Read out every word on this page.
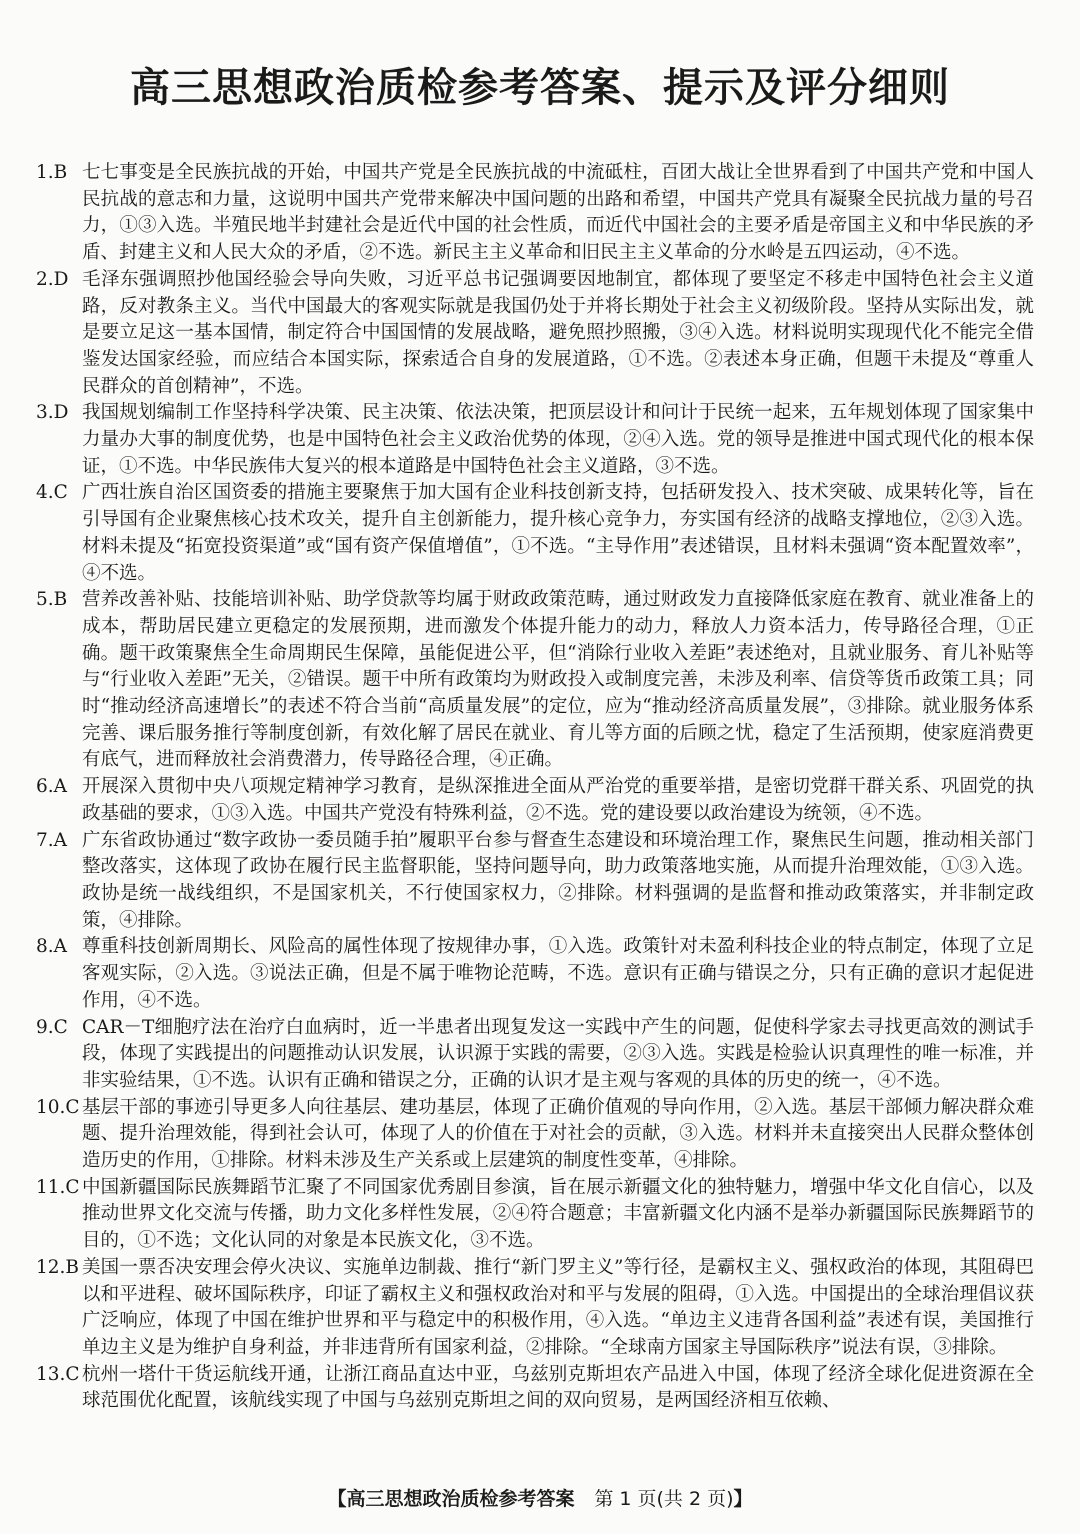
高三思想政治质检参考答案、提示及评分细则

1.B 七七事变是全民族抗战的开始，中国共产党是全民族抗战的中流砥柱，百团大战让全世界看到了中国共产党和中国人民抗战的意志和力量，这说明中国共产党带来解决中国问题的出路和希望，中国共产党具有凝聚全民抗战力量的号召力，①③入选。半殖民地半封建社会是近代中国的社会性质，而近代中国社会的主要矛盾是帝国主义和中华民族的矛盾、封建主义和人民大众的矛盾，②不选。新民主主义革命和旧民主主义革命的分水岭是五四运动，④不选。

2.D 毛泽东强调照抄他国经验会导向失败，习近平总书记强调要因地制宜，都体现了要坚定不移走中国特色社会主义道路，反对教条主义。当代中国最大的客观实际就是我国仍处于并将长期处于社会主义初级阶段。坚持从实际出发，就是要立足这一基本国情，制定符合中国国情的发展战略，避免照抄照搬，③④入选。材料说明实现现代化不能完全借鉴发达国家经验，而应结合本国实际，探索适合自身的发展道路，①不选。②表述本身正确，但题干未提及“尊重人民群众的首创精神”，不选。

3.D 我国规划编制工作坚持科学决策、民主决策、依法决策，把顶层设计和问计于民统一起来，五年规划体现了国家集中力量办大事的制度优势，也是中国特色社会主义政治优势的体现，②④入选。党的领导是推进中国式现代化的根本保证，①不选。中华民族伟大复兴的根本道路是中国特色社会主义道路，③不选。

4.C 广西壮族自治区国资委的措施主要聚焦于加大国有企业科技创新支持，包括研发投入、技术突破、成果转化等，旨在引导国有企业聚焦核心技术攻关，提升自主创新能力，提升核心竞争力，夯实国有经济的战略支撑地位，②③入选。材料未提及“拓宽投资渠道”或“国有资产保值增值”，①不选。“主导作用”表述错误，且材料未强调“资本配置效率”，④不选。

5.B 营养改善补贴、技能培训补贴、助学贷款等均属于财政政策范畴，通过财政发力直接降低家庭在教育、就业准备上的成本，帮助居民建立更稳定的发展预期，进而激发个体提升能力的动力，释放人力资本活力，传导路径合理，①正确。题干政策聚焦全生命周期民生保障，虽能促进公平，但“消除行业收入差距”表述绝对，且就业服务、育儿补贴等与“行业收入差距”无关，②错误。题干中所有政策均为财政投入或制度完善，未涉及利率、信贷等货币政策工具；同时“推动经济高速增长”的表述不符合当前“高质量发展”的定位，应为“推动经济高质量发展”，③排除。就业服务体系完善、课后服务推行等制度创新，有效化解了居民在就业、育儿等方面的后顾之忧，稳定了生活预期，使家庭消费更有底气，进而释放社会消费潜力，传导路径合理，④正确。

6.A 开展深入贯彻中央八项规定精神学习教育，是纵深推进全面从严治党的重要举措，是密切党群干群关系、巩固党的执政基础的要求，①③入选。中国共产党没有特殊利益，②不选。党的建设要以政治建设为统领，④不选。

7.A 广东省政协通过“数字政协一委员随手拍”履职平台参与督查生态建设和环境治理工作，聚焦民生问题，推动相关部门整改落实，这体现了政协在履行民主监督职能，坚持问题导向，助力政策落地实施，从而提升治理效能，①③入选。政协是统一战线组织，不是国家机关，不行使国家权力，②排除。材料强调的是监督和推动政策落实，并非制定政策，④排除。

8.A 尊重科技创新周期长、风险高的属性体现了按规律办事，①入选。政策针对未盈利科技企业的特点制定，体现了立足客观实际，②入选。③说法正确，但是不属于唯物论范畴，不选。意识有正确与错误之分，只有正确的意识才起促进作用，④不选。

9.C CAR－T细胞疗法在治疗白血病时，近一半患者出现复发这一实践中产生的问题，促使科学家去寻找更高效的测试手段，体现了实践提出的问题推动认识发展，认识源于实践的需要，②③入选。实践是检验认识真理性的唯一标准，并非实验结果，①不选。认识有正确和错误之分，正确的认识才是主观与客观的具体的历史的统一，④不选。

10.C 基层干部的事迹引导更多人向往基层、建功基层，体现了正确价值观的导向作用，②入选。基层干部倾力解决群众难题、提升治理效能，得到社会认可，体现了人的价值在于对社会的贡献，③入选。材料并未直接突出人民群众整体创造历史的作用，①排除。材料未涉及生产关系或上层建筑的制度性变革，④排除。

11.C 中国新疆国际民族舞蹈节汇聚了不同国家优秀剧目参演，旨在展示新疆文化的独特魅力，增强中华文化自信心，以及推动世界文化交流与传播，助力文化多样性发展，②④符合题意；丰富新疆文化内涵不是举办新疆国际民族舞蹈节的目的，①不选；文化认同的对象是本民族文化，③不选。

12.B 美国一票否决安理会停火决议、实施单边制裁、推行“新门罗主义”等行径，是霸权主义、强权政治的体现，其阻碍巴以和平进程、破坏国际秩序，印证了霸权主义和强权政治对和平与发展的阻碍，①入选。中国提出的全球治理倡议获广泛响应，体现了中国在维护世界和平与稳定中的积极作用，④入选。“单边主义违背各国利益”表述有误，美国推行单边主义是为维护自身利益，并非违背所有国家利益，②排除。“全球南方国家主导国际秩序”说法有误，③排除。

13.C 杭州一塔什干货运航线开通，让浙江商品直达中亚，乌兹别克斯坦农产品进入中国，体现了经济全球化促进资源在全球范围优化配置，该航线实现了中国与乌兹别克斯坦之间的双向贸易，是两国经济相互依赖、

【高三思想政治质检参考答案 第 1 页(共 2 页)】
